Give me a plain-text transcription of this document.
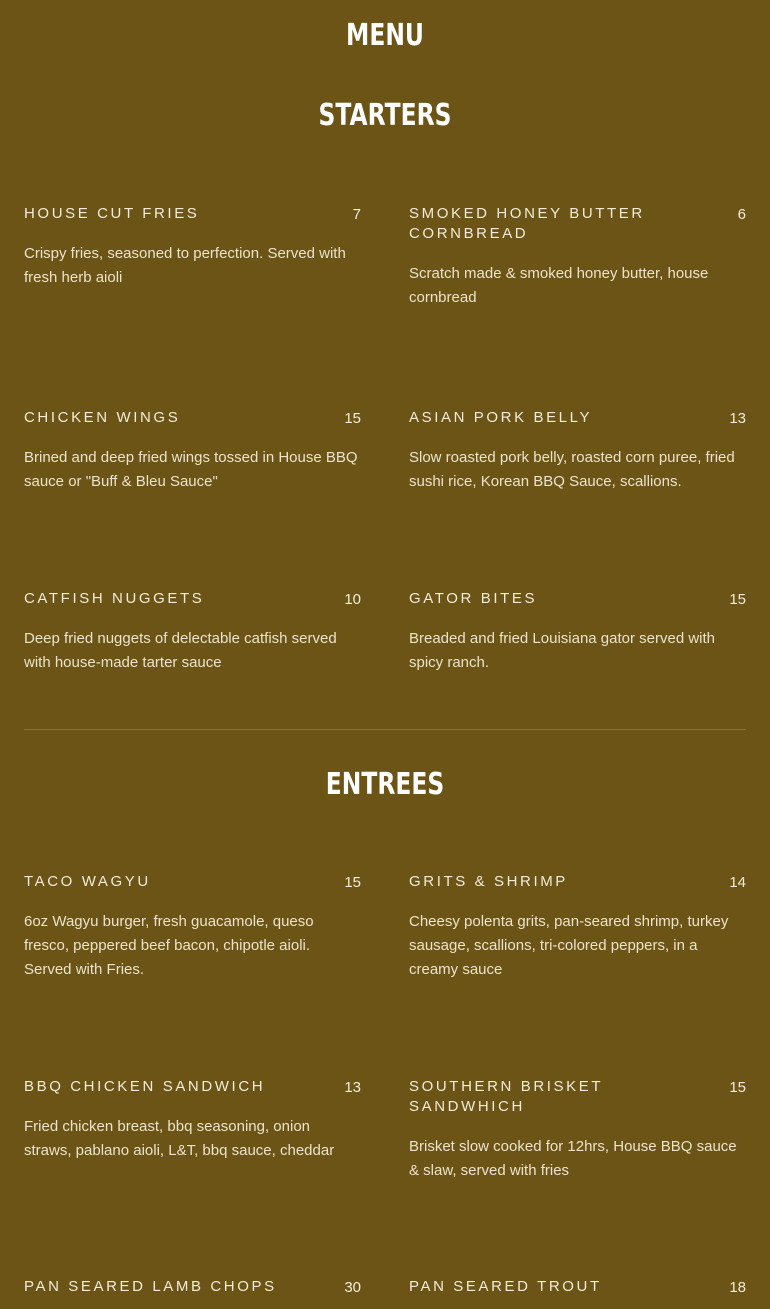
MENU
STARTERS
HOUSE CUT FRIES	7
Crispy fries, seasoned to perfection. Served with fresh herb aioli
SMOKED HONEY BUTTER CORNBREAD
6
Scratch made & smoked honey butter, house cornbread
CHICKEN WINGS	15
Brined and deep fried wings tossed in House BBQ sauce or "Buff & Bleu Sauce"
ASIAN PORK BELLY	13
Slow roasted pork belly, roasted corn puree, fried sushi rice, Korean BBQ Sauce, scallions.
CATFISH NUGGETS	10
Deep fried nuggets of delectable catfish served with house-made tarter sauce
GATOR BITES	15
Breaded and fried Louisiana gator served with spicy ranch.
ENTREES
TACO WAGYU	15
6oz Wagyu burger, fresh guacamole, queso fresco, peppered beef bacon, chipotle aioli. Served with Fries.
GRITS & SHRIMP	14
Cheesy polenta grits, pan-seared shrimp, turkey sausage, scallions, tri-colored peppers, in a creamy sauce
BBQ CHICKEN SANDWICH	13
Fried chicken breast, bbq seasoning, onion straws, pablano aioli, L&T, bbq sauce, cheddar
SOUTHERN BRISKET SANDWHICH
15
Brisket slow cooked for 12hrs, House BBQ sauce & slaw, served with fries
PAN SEARED LAMB CHOPS	30	PAN SEARED TROUT	18
